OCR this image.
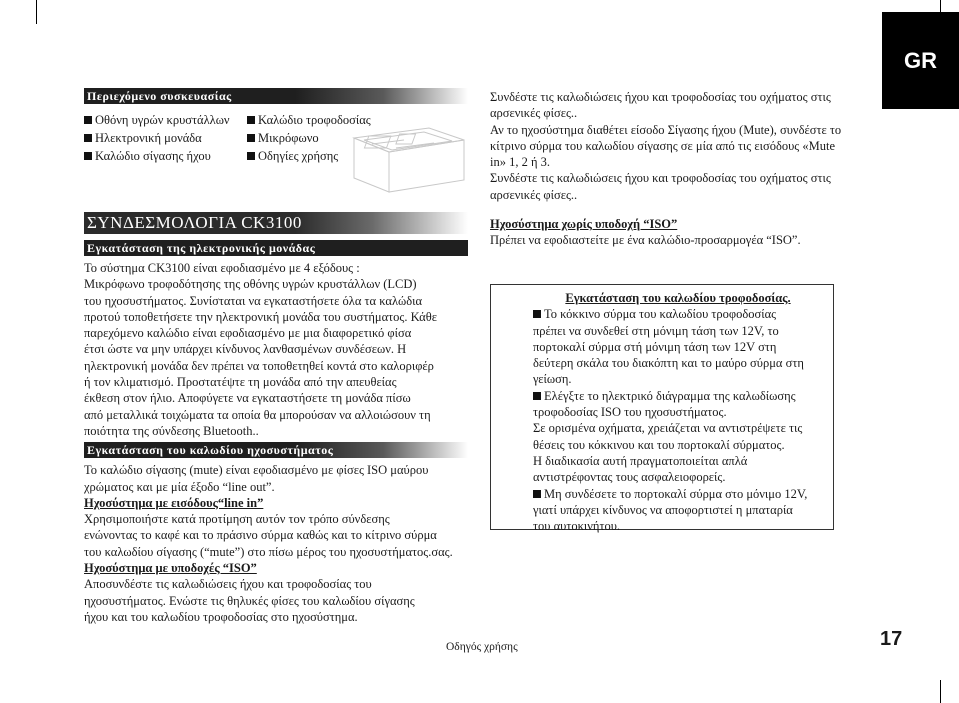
GR
Περιεχόμενο συσκευασίας
Οθόνη υγρών κρυστάλλων	Καλώδιο τροφοδοσίας
Ηλεκτρονική μονάδα	Μικρόφωνο
Καλώδιο σίγασης ήχου	Οδηγίες χρήσης
ΣΥΝΔΕΣΜΟΛΟΓΙΑ CK3100
Εγκατάσταση της ηλεκτρονικής μονάδας

Το σύστημα CK3100 είναι εφοδιασμένο με 4 εξόδους :

Μικρόφωνο τροφοδότησης της οθόνης υγρών κρυστάλλων (LCD)

του ηχοσυστήματος. Συνίσταται να εγκαταστήσετε όλα τα καλώδια

προτού τοποθετήσετε την ηλεκτρονική μονάδα του συστήματος. Κάθε

παρεχόμενο καλώδιο είναι εφοδιασμένο με μια διαφορετικό φίσα

έτσι ώστε να μην υπάρχει κίνδυνος λανθασμένων συνδέσεων. Η

ηλεκτρονική μονάδα δεν πρέπει να τοποθετηθεί κοντά στο καλοριφέρ

ή τον κλιματισμό. Προστατέψτε τη μονάδα από την απευθείας

έκθεση στον ήλιο. Αποφύγετε να εγκαταστήσετε τη μονάδα πίσω

από μεταλλικά τοιχώματα τα οποία θα μπορούσαν να αλλοιώσουν τη

ποιότητα της σύνδεσης Bluetooth..

Εγκατάσταση του καλωδίου ηχοσυστήματος

Το καλώδιο σίγασης (mute) είναι εφοδιασμένο με φίσες ISO μαύρου

χρώματος και με μία έξοδο “line out”.

Ηχοσύστημα με εισόδους“line in”

Χρησιμοποιήστε κατά προτίμηση αυτόν τον τρόπο σύνδεσης

ενώνοντας το καφέ και το πράσινο σύρμα καθώς και το κίτρινο σύρμα

του καλωδίου σίγασης (“mute”) στο πίσω μέρος του ηχοσυστήματος.σας.

Ηχοσύστημα με υποδοχές “ISO”

Αποσυνδέστε τις καλωδιώσεις ήχου και τροφοδοσίας του

ηχοσυστήματος. Ενώστε τις θηλυκές φίσες του καλωδίου σίγασης

ήχου και του καλωδίου τροφοδοσίας στο ηχοσύστημα.

Συνδέστε τις καλωδιώσεις ήχου και τροφοδοσίας του οχήματος στις

αρσενικές φίσες..

Αν το ηχοσύστημα διαθέτει είσοδο Σίγασης ήχου (Mute), συνδέστε το

κίτρινο σύρμα του καλωδίου σίγασης σε μία από τις εισόδους «Mute

in» 1, 2 ή 3.

Συνδέστε τις καλωδιώσεις ήχου και τροφοδοσίας του οχήματος στις

αρσενικές φίσες..

Ηχοσύστημα χωρίς υποδοχή “ISO”

Πρέπει να εφοδιαστείτε με ένα καλώδιο-προσαρμογέα “ISO”.

Εγκατάσταση του καλωδίου τροφοδοσίας.

Το κόκκινο σύρμα του καλωδίου τροφοδοσίας

πρέπει να συνδεθεί στη μόνιμη τάση των 12V, το

πορτοκαλί σύρμα στή μόνιμη τάση των 12V στη

δεύτερη σκάλα του διακόπτη και το μαύρο σύρμα στη

γείωση.

Ελέγξτε το ηλεκτρικό διάγραμμα της καλωδίωσης

τροφοδοσίας ISO του ηχοσυστήματος.

Σε ορισμένα οχήματα, χρειάζεται να αντιστρέψετε τις

θέσεις του κόκκινου και του πορτοκαλί σύρματος.

Η διαδικασία αυτή πραγματοποιείται απλά

αντιστρέφοντας τους ασφαλειοφορείς.

Μη συνδέσετε το πορτοκαλί σύρμα στο μόνιμο 12V,

γιατί υπάρχει κίνδυνος να αποφορτιστεί η μπαταρία

του αυτοκινήτου.

Οδηγός χρήσης	17
